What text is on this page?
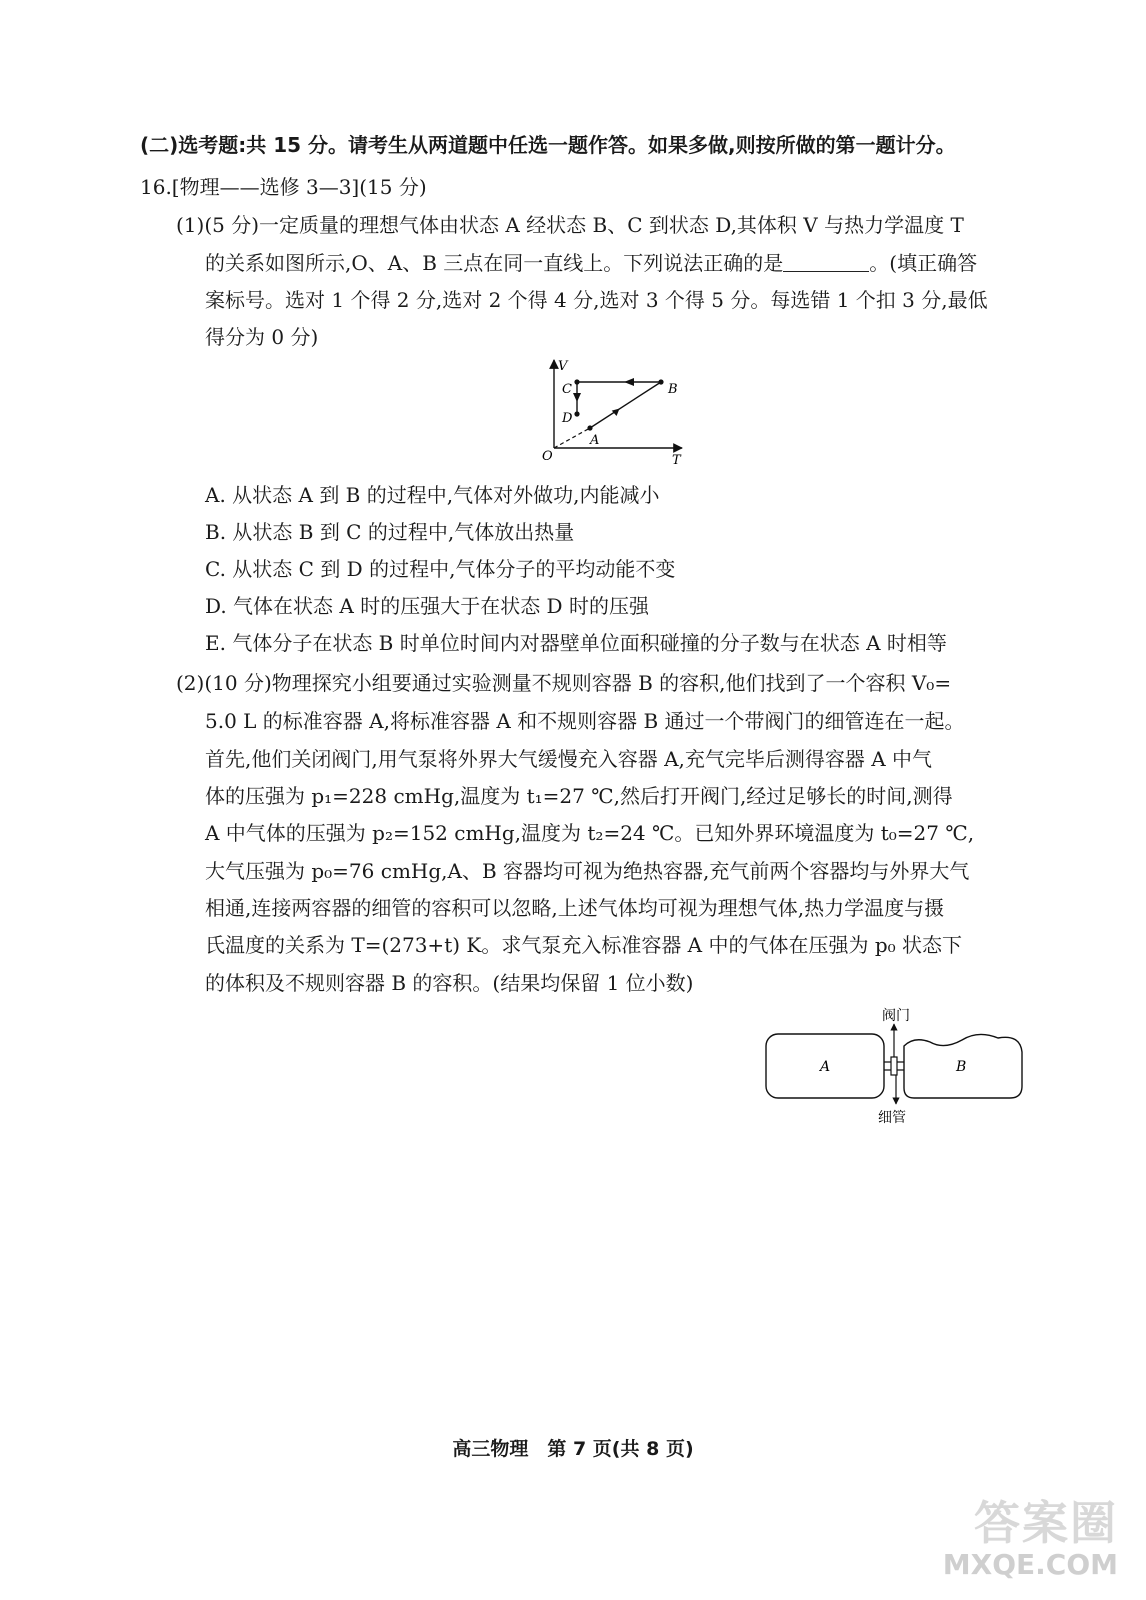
(二)选考题:共 15 分。请考生从两道题中任选一题作答。如果多做,则按所做的第一题计分。
16.[物理——选修 3—3](15 分)
(1)(5 分)一定质量的理想气体由状态 A 经状态 B、C 到状态 D,其体积 V 与热力学温度 T
的关系如图所示,O、A、B 三点在同一直线上。下列说法正确的是	。(填正确答
案标号。选对 1 个得 2 分,选对 2 个得 4 分,选对 3 个得 5 分。每选错 1 个扣 3 分,最低
得分为 0 分)
V
T
O
A
B
C
D
A. 从状态 A 到 B 的过程中,气体对外做功,内能减小
B. 从状态 B 到 C 的过程中,气体放出热量
C. 从状态 C 到 D 的过程中,气体分子的平均动能不变
D. 气体在状态 A 时的压强大于在状态 D 时的压强
E. 气体分子在状态 B 时单位时间内对器壁单位面积碰撞的分子数与在状态 A 时相等
(2)(10 分)物理探究小组要通过实验测量不规则容器 B 的容积,他们找到了一个容积 V₀=
5.0 L 的标准容器 A,将标准容器 A 和不规则容器 B 通过一个带阀门的细管连在一起。
首先,他们关闭阀门,用气泵将外界大气缓慢充入容器 A,充气完毕后测得容器 A 中气
体的压强为 p₁=228 cmHg,温度为 t₁=27 ℃,然后打开阀门,经过足够长的时间,测得
A 中气体的压强为 p₂=152 cmHg,温度为 t₂=24 ℃。已知外界环境温度为 t₀=27 ℃,
大气压强为 p₀=76 cmHg,A、B 容器均可视为绝热容器,充气前两个容器均与外界大气
相通,连接两容器的细管的容积可以忽略,上述气体均可视为理想气体,热力学温度与摄
氏温度的关系为 T=(273+t) K。求气泵充入标准容器 A 中的气体在压强为 p₀ 状态下
的体积及不规则容器 B 的容积。(结果均保留 1 位小数)
阀门
细管
A	B
高三物理　第 7 页(共 8 页)
答案圈
MXQE.COM
